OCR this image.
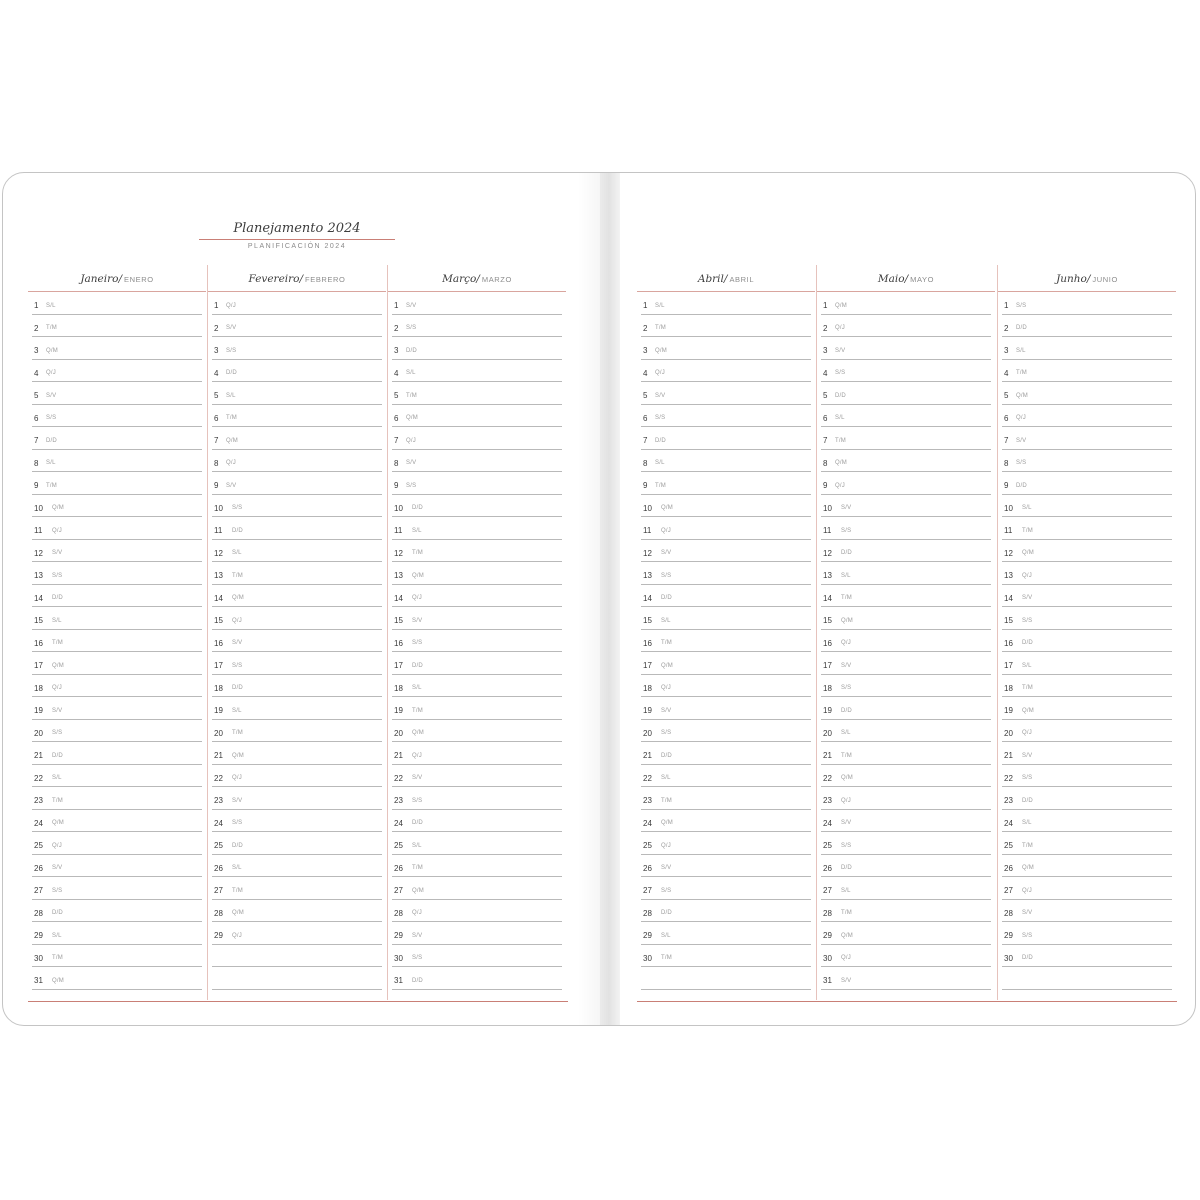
Planejamento 2024
PLANIFICACIÓN 2024
Janeiro/ ENERO
1 S/L
2 T/M
3 Q/M
4 Q/J
5 S/V
6 S/S
7 D/D
8 S/L
9 T/M
10 Q/M
11 Q/J
12 S/V
13 S/S
14 D/D
15 S/L
16 T/M
17 Q/M
18 Q/J
19 S/V
20 S/S
21 D/D
22 S/L
23 T/M
24 Q/M
25 Q/J
26 S/V
27 S/S
28 D/D
29 S/L
30 T/M
31 Q/M
Fevereiro/ FEBRERO
1 Q/J
2 S/V
3 S/S
4 D/D
5 S/L
6 T/M
7 Q/M
8 Q/J
9 S/V
10 S/S
11 D/D
12 S/L
13 T/M
14 Q/M
15 Q/J
16 S/V
17 S/S
18 D/D
19 S/L
20 T/M
21 Q/M
22 Q/J
23 S/V
24 S/S
25 D/D
26 S/L
27 T/M
28 Q/M
29 Q/J
Março/ MARZO
1 S/V
2 S/S
3 D/D
4 S/L
5 T/M
6 Q/M
7 Q/J
8 S/V
9 S/S
10 D/D
11 S/L
12 T/M
13 Q/M
14 Q/J
15 S/V
16 S/S
17 D/D
18 S/L
19 T/M
20 Q/M
21 Q/J
22 S/V
23 S/S
24 D/D
25 S/L
26 T/M
27 Q/M
28 Q/J
29 S/V
30 S/S
31 D/D
Abril/ ABRIL
1 S/L
2 T/M
3 Q/M
4 Q/J
5 S/V
6 S/S
7 D/D
8 S/L
9 T/M
10 Q/M
11 Q/J
12 S/V
13 S/S
14 D/D
15 S/L
16 T/M
17 Q/M
18 Q/J
19 S/V
20 S/S
21 D/D
22 S/L
23 T/M
24 Q/M
25 Q/J
26 S/V
27 S/S
28 D/D
29 S/L
30 T/M
Maio/ MAYO
1 Q/M
2 Q/J
3 S/V
4 S/S
5 D/D
6 S/L
7 T/M
8 Q/M
9 Q/J
10 S/V
11 S/S
12 D/D
13 S/L
14 T/M
15 Q/M
16 Q/J
17 S/V
18 S/S
19 D/D
20 S/L
21 T/M
22 Q/M
23 Q/J
24 S/V
25 S/S
26 D/D
27 S/L
28 T/M
29 Q/M
30 Q/J
31 S/V
Junho/ JUNIO
1 S/S
2 D/D
3 S/L
4 T/M
5 Q/M
6 Q/J
7 S/V
8 S/S
9 D/D
10 S/L
11 T/M
12 Q/M
13 Q/J
14 S/V
15 S/S
16 D/D
17 S/L
18 T/M
19 Q/M
20 Q/J
21 S/V
22 S/S
23 D/D
24 S/L
25 T/M
26 Q/M
27 Q/J
28 S/V
29 S/S
30 D/D
